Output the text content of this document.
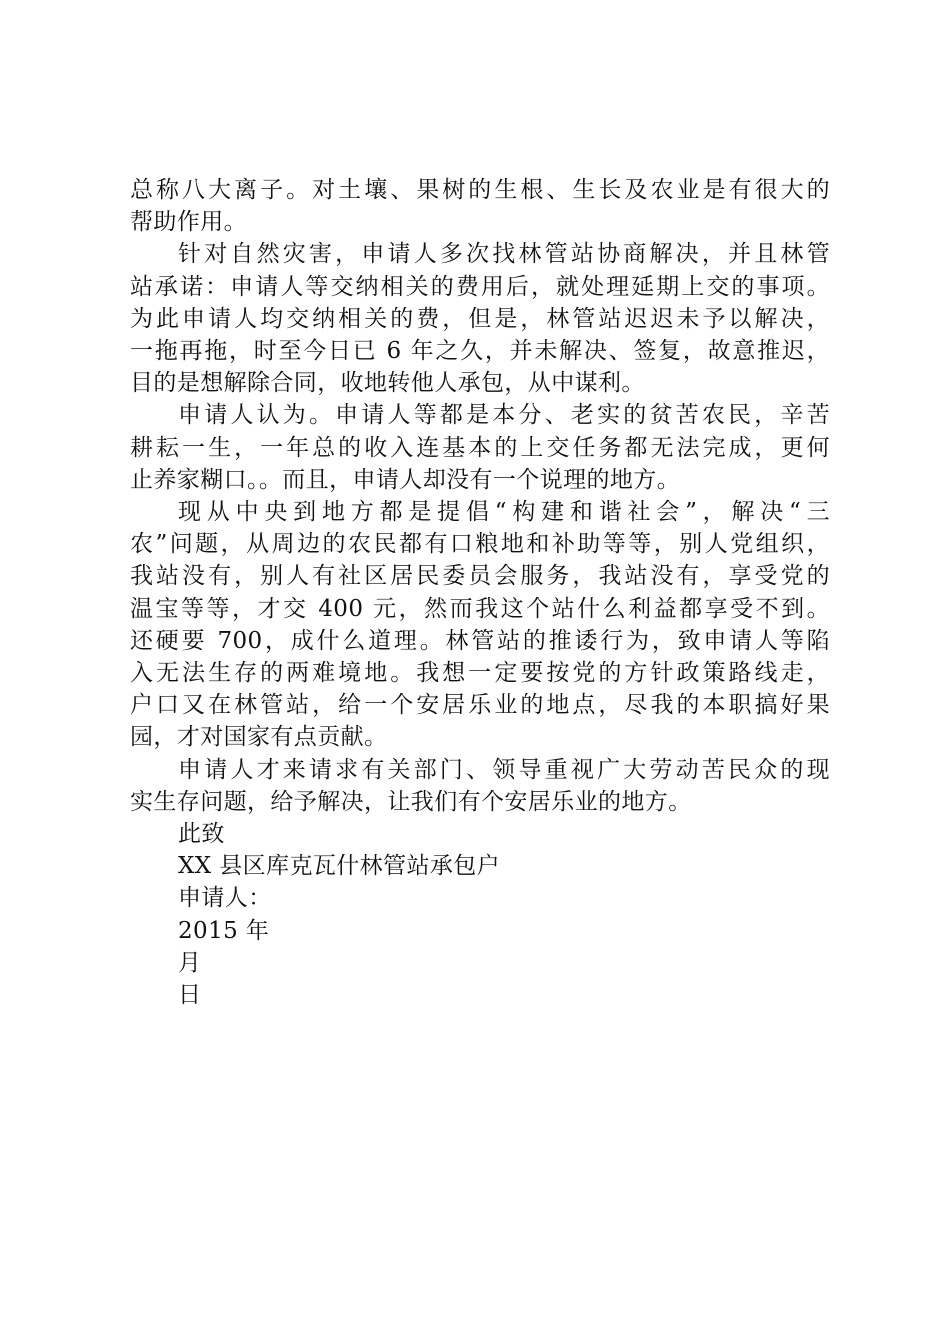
总称八大离子。对土壤、果树的生根、生长及农业是有很大的
帮助作用。

针对自然灾害，申请人多次找林管站协商解决，并且林管
站承诺：申请人等交纳相关的费用后，就处理延期上交的事项。
为此申请人均交纳相关的费，但是，林管站迟迟未予以解决，
一拖再拖，时至今日已 6 年之久，并未解决、签复，故意推迟，
目的是想解除合同，收地转他人承包，从中谋利。

申请人认为。申请人等都是本分、老实的贫苦农民，辛苦
耕耘一生，一年总的收入连基本的上交任务都无法完成，更何
止养家糊口。。而且，申请人却没有一个说理的地方。

现从中央到地方都是提倡“构建和谐社会”，解决“三
农”问题，从周边的农民都有口粮地和补助等等，别人党组织，
我站没有，别人有社区居民委员会服务，我站没有，享受党的
温宝等等，才交 400 元，然而我这个站什么利益都享受不到。
还硬要 700，成什么道理。林管站的推诿行为，致申请人等陷
入无法生存的两难境地。我想一定要按党的方针政策路线走，
户口又在林管站，给一个安居乐业的地点，尽我的本职搞好果
园，才对国家有点贡献。

申请人才来请求有关部门、领导重视广大劳动苦民众的现
实生存问题，给予解决，让我们有个安居乐业的地方。

此致

XX 县区库克瓦什林管站承包户

申请人：

2015 年

月

日
